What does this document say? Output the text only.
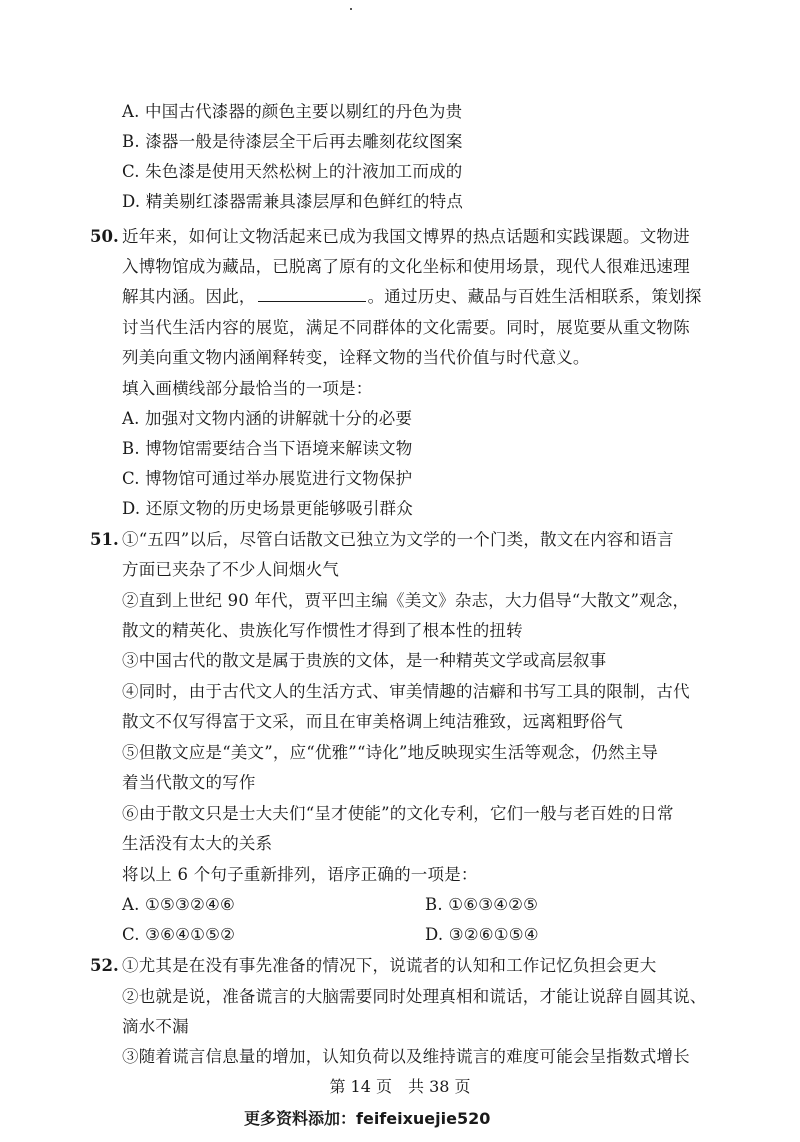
A. 中国古代漆器的颜色主要以剔红的丹色为贵
B. 漆器一般是待漆层全干后再去雕刻花纹图案
C. 朱色漆是使用天然松树上的汁液加工而成的
D. 精美剔红漆器需兼具漆层厚和色鲜红的特点
50. 近年来，如何让文物活起来已成为我国文博界的热点话题和实践课题。文物进
入博物馆成为藏品，已脱离了原有的文化坐标和使用场景，现代人很难迅速理
解其内涵。因此，	。通过历史、藏品与百姓生活相联系，策划探
讨当代生活内容的展览，满足不同群体的文化需要。同时，展览要从重文物陈
列美向重文物内涵阐释转变，诠释文物的当代价值与时代意义。
填入画横线部分最恰当的一项是：
A. 加强对文物内涵的讲解就十分的必要
B. 博物馆需要结合当下语境来解读文物
C. 博物馆可通过举办展览进行文物保护
D. 还原文物的历史场景更能够吸引群众
51. ①“五四”以后，尽管白话散文已独立为文学的一个门类，散文在内容和语言
方面已夹杂了不少人间烟火气
②直到上世纪 90 年代，贾平凹主编《美文》杂志，大力倡导“大散文”观念，
散文的精英化、贵族化写作惯性才得到了根本性的扭转
③中国古代的散文是属于贵族的文体，是一种精英文学或高层叙事
④同时，由于古代文人的生活方式、审美情趣的洁癖和书写工具的限制，古代
散文不仅写得富于文采，而且在审美格调上纯洁雅致，远离粗野俗气
⑤但散文应是“美文”，应“优雅”“诗化”地反映现实生活等观念，仍然主导
着当代散文的写作
⑥由于散文只是士大夫们“呈才使能”的文化专利，它们一般与老百姓的日常
生活没有太大的关系
将以上 6 个句子重新排列，语序正确的一项是：
A. ①⑤③②④⑥	B. ①⑥③④②⑤
C. ③⑥④①⑤②	D. ③②⑥①⑤④
52. ①尤其是在没有事先准备的情况下，说谎者的认知和工作记忆负担会更大
②也就是说，准备谎言的大脑需要同时处理真相和谎话，才能让说辞自圆其说、
滴水不漏
③随着谎言信息量的增加，认知负荷以及维持谎言的难度可能会呈指数式增长
第 14 页　共 38 页
更多资料添加：feifeixuejie520
